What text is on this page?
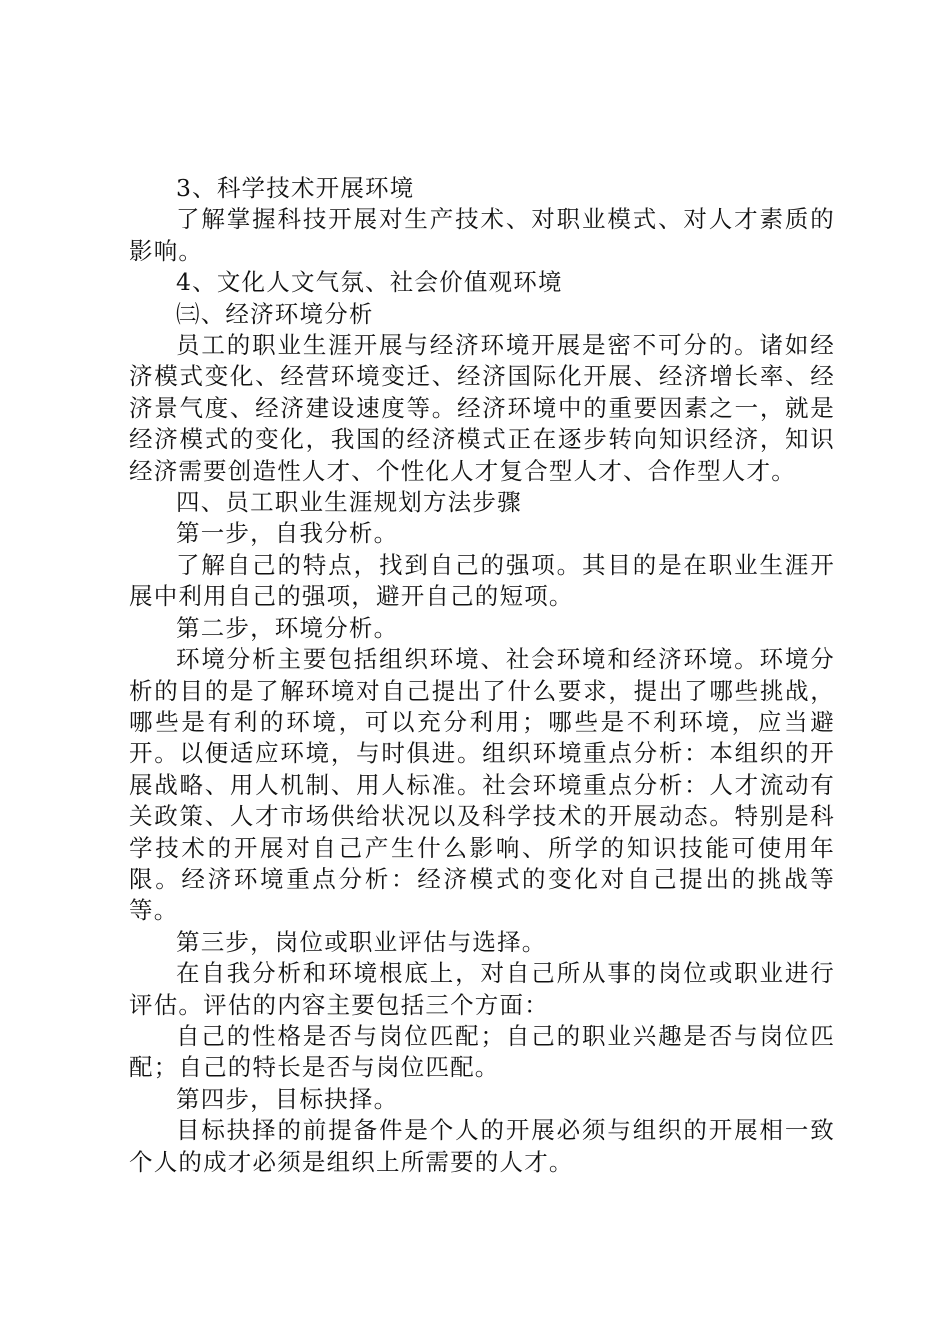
3、科学技术开展环境

了解掌握科技开展对生产技术、对职业模式、对人才素质的影响。

4、文化人文气氛、社会价值观环境

㈢、经济环境分析

员工的职业生涯开展与经济环境开展是密不可分的。诸如经济模式变化、经营环境变迁、经济国际化开展、经济增长率、经济景气度、经济建设速度等。经济环境中的重要因素之一，就是经济模式的变化，我国的经济模式正在逐步转向知识经济，知识经济需要创造性人才、个性化人才复合型人才、合作型人才。

四、员工职业生涯规划方法步骤

第一步，自我分析。

了解自己的特点，找到自己的强项。其目的是在职业生涯开展中利用自己的强项，避开自己的短项。

第二步，环境分析。

环境分析主要包括组织环境、社会环境和经济环境。环境分析的目的是了解环境对自己提出了什么要求，提出了哪些挑战，哪些是有利的环境，可以充分利用；哪些是不利环境，应当避开。以便适应环境，与时俱进。组织环境重点分析：本组织的开展战略、用人机制、用人标准。社会环境重点分析：人才流动有关政策、人才市场供给状况以及科学技术的开展动态。特别是科学技术的开展对自己产生什么影响、所学的知识技能可使用年限。经济环境重点分析：经济模式的变化对自己提出的挑战等等。

第三步，岗位或职业评估与选择。

在自我分析和环境根底上，对自己所从事的岗位或职业进行评估。评估的内容主要包括三个方面：

自己的性格是否与岗位匹配；自己的职业兴趣是否与岗位匹配；自己的特长是否与岗位匹配。

第四步，目标抉择。

目标抉择的前提备件是个人的开展必须与组织的开展相一致个人的成才必须是组织上所需要的人才。
